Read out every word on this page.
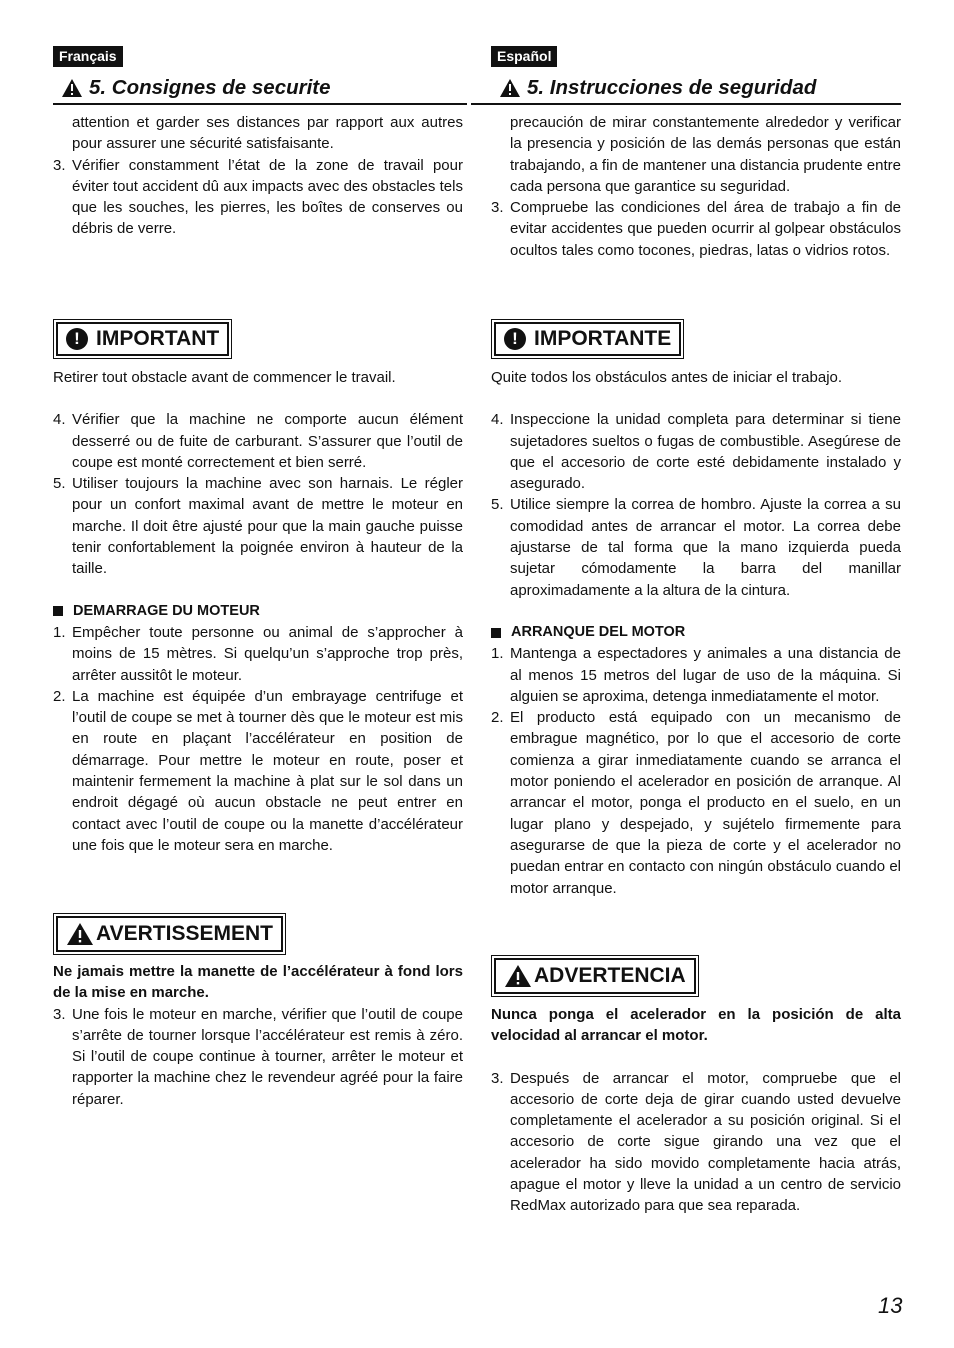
Français
5. Consignes de securite

attention et garder ses distances par rapport aux autres pour assurer une sécurité satisfaisante.

3. Vérifier constamment l’état de la zone de travail pour éviter tout accident dû aux impacts avec des obstacles tels que les souches, les pierres, les boîtes de conserves ou débris de verre.
! IMPORTANT

Retirer tout obstacle avant de commencer le travail.

4. Vérifier que la machine ne comporte aucun élément desserré ou de fuite de carburant. S’assurer que l’outil de coupe est monté correctement et bien serré.
5. Utiliser toujours la machine avec son harnais. Le régler pour un confort maximal avant de mettre le moteur en marche. Il doit être ajusté pour que la main gauche puisse tenir confortablement la poignée environ à hauteur de la taille.
DEMARRAGE DU MOTEUR
1. Empêcher toute personne ou animal de s’approcher à moins de 15 mètres. Si quelqu’un s’approche trop près, arrêter aussitôt le moteur.
2. La machine est équipée d’un embrayage centrifuge et l’outil de coupe se met à tourner dès que le moteur est mis en route en plaçant l’accélérateur en position de démarrage. Pour mettre le moteur en route, poser et maintenir fermement la machine à plat sur le sol dans un endroit dégagé où aucun obstacle ne peut entrer en contact avec l’outil de coupe ou la manette d’accélérateur une fois que le moteur sera en marche.
AVERTISSEMENT

Ne jamais mettre la manette de l’accélérateur à fond lors de la mise en marche.

3. Une fois le moteur en marche, vérifier que l’outil de coupe s’arrête de tourner lorsque l’accélérateur est remis à zéro. Si l’outil de coupe continue à tourner, arrêter le moteur et rapporter la machine chez le revendeur agréé pour la faire réparer.
Español
5. Instrucciones de seguridad

precaución de mirar constantemente alrededor y verificar la presencia y posición de las demás personas que están trabajando, a fin de mantener una distancia prudente entre cada persona que garantice su seguridad.

3. Compruebe las condiciones del área de trabajo a fin de evitar accidentes que pueden ocurrir al golpear obstáculos ocultos tales como tocones, piedras, latas o vidrios rotos.
! IMPORTANTE

Quite todos los obstáculos antes de iniciar el trabajo.

4. Inspeccione la unidad completa para determinar si tiene sujetadores sueltos o fugas de combustible. Asegúrese de que el accesorio de corte esté debidamente instalado y asegurado.
5. Utilice siempre la correa de hombro. Ajuste la correa a su comodidad antes de arrancar el motor. La correa debe ajustarse de tal forma que la mano izquierda pueda sujetar cómodamente la barra del manillar aproximadamente a la altura de la cintura.
ARRANQUE DEL MOTOR
1. Mantenga a espectadores y animales a una distancia de al menos 15 metros del lugar de uso de la máquina. Si alguien se aproxima, detenga inmediatamente el motor.
2. El producto está equipado con un mecanismo de embrague magnético, por lo que el accesorio de corte comienza a girar inmediatamente cuando se arranca el motor poniendo el acelerador en posición de arranque. Al arrancar el motor, ponga el producto en el suelo, en un lugar plano y despejado, y sujételo firmemente para asegurarse de que la pieza de corte y el acelerador no puedan entrar en contacto con ningún obstáculo cuando el motor arranque.
ADVERTENCIA

Nunca ponga el acelerador en la posición de alta velocidad al arrancar el motor.

3. Después de arrancar el motor, compruebe que el accesorio de corte deja de girar cuando usted devuelve completamente el acelerador a su posición original. Si el accesorio de corte sigue girando una vez que el acelerador ha sido movido completamente hacia atrás, apague el motor y lleve la unidad a un centro de servicio RedMax autorizado para que sea reparada.
13
